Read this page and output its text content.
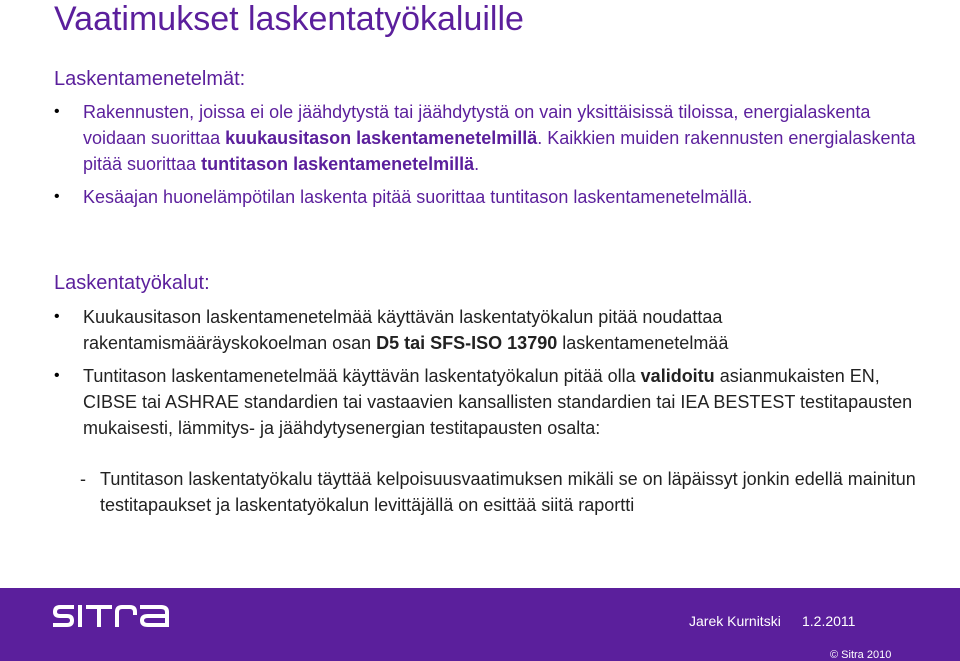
Vaatimukset laskentatyökaluille
Laskentamenetelmät:
• Rakennusten, joissa ei ole jäähdytystä tai jäähdytystä on vain yksittäisissä tiloissa, energialaskenta voidaan suorittaa kuukausitason laskentamenetelmillä. Kaikkien muiden rakennusten energialaskenta pitää suorittaa tuntitason laskentamenetelmillä.
• Kesäajan huonelämpötilan laskenta pitää suorittaa tuntitason laskentamenetelmällä.
Laskentatyökalut:
• Kuukausitason laskentamenetelmää käyttävän laskentatyökalun pitää noudattaa rakentamismääräyskokoelman osan D5 tai SFS-ISO 13790 laskentamenetelmää
• Tuntitason laskentamenetelmää käyttävän laskentatyökalun pitää olla validoitu asianmukaisten EN, CIBSE tai ASHRAE standardien tai vastaavien kansallisten standardien tai IEA BESTEST testitapausten mukaisesti, lämmitys- ja jäähdytysenergian testitapausten osalta:
- Tuntitason laskentatyökalu täyttää kelpoisuusvaatimuksen mikäli se on läpäissyt jonkin edellä mainitun testitapaukset ja laskentatyökalun levittäjällä on esittää siitä raportti
Jarek Kurnitski 1.2.2011
© Sitra 2010
